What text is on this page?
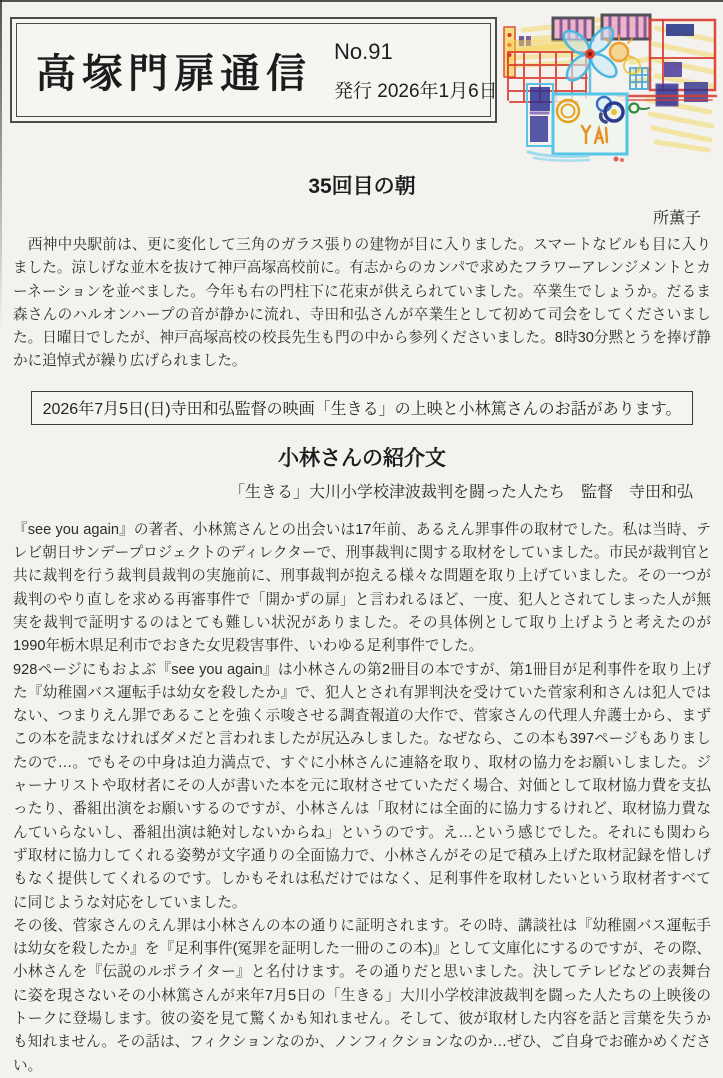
高塚門扉通信 No.91
発行 2026年1月6日
35回目の朝
所薫子

　西神中央駅前は、更に変化して三角のガラス張りの建物が目に入りました。スマートなビルも目に入りました。涼しげな並木を抜けて神戸高塚高校前に。有志からのカンパで求めたフラワーアレンジメントとカーネーションを並べました。今年も右の門柱下に花束が供えられていました。卒業生でしょうか。だるま森さんのハルオンハープの音が静かに流れ、寺田和弘さんが卒業生として初めて司会をしてくださいました。日曜日でしたが、神戸高塚高校の校長先生も門の中から参列くださいました。8時30分黙とうを捧げ静かに追悼式が繰り広げられました。

2026年7月5日(日)寺田和弘監督の映画「生きる」の上映と小林篤さんのお話があります。
小林さんの紹介文
「生きる」大川小学校津波裁判を闘った人たち　監督　寺田和弘

『see you again』の著者、小林篤さんとの出会いは17年前、あるえん罪事件の取材でした。私は当時、テレビ朝日サンデープロジェクトのディレクターで、刑事裁判に関する取材をしていました。市民が裁判官と共に裁判を行う裁判員裁判の実施前に、刑事裁判が抱える様々な問題を取り上げていました。その一つが裁判のやり直しを求める再審事件で「開かずの扉」と言われるほど、一度、犯人とされてしまった人が無実を裁判で証明するのはとても難しい状況がありました。その具体例として取り上げようと考えたのが1990年栃木県足利市でおきた女児殺害事件、いわゆる足利事件でした。

928ページにもおよぶ『see you again』は小林さんの第2冊目の本ですが、第1冊目が足利事件を取り上げた『幼稚園バス運転手は幼女を殺したか』で、犯人とされ有罪判決を受けていた菅家利和さんは犯人ではない、つまりえん罪であることを強く示唆させる調査報道の大作で、菅家さんの代理人弁護士から、まずこの本を読まなければダメだと言われましたが尻込みしました。なぜなら、この本も397ページもありましたので…。でもその中身は迫力満点で、すぐに小林さんに連絡を取り、取材の協力をお願いしました。ジャーナリストや取材者にその人が書いた本を元に取材させていただく場合、対価として取材協力費を支払ったり、番組出演をお願いするのですが、小林さんは「取材には全面的に協力するけれど、取材協力費なんていらないし、番組出演は絶対しないからね」というのです。え…という感じでした。それにも関わらず取材に協力してくれる姿勢が文字通りの全面協力で、小林さんがその足で積み上げた取材記録を惜しげもなく提供してくれるのです。しかもそれは私だけではなく、足利事件を取材したいという取材者すべてに同じような対応をしていました。

その後、菅家さんのえん罪は小林さんの本の通りに証明されます。その時、講談社は『幼稚園バス運転手は幼女を殺したか』を『足利事件(冤罪を証明した一冊のこの本)』として文庫化にするのですが、その際、小林さんを『伝説のルポライター』と名付けます。その通りだと思いました。決してテレビなどの表舞台に姿を現さないその小林篤さんが来年7月5日の「生きる」大川小学校津波裁判を闘った人たちの上映後のトークに登場します。彼の姿を見て驚くかも知れません。そして、彼が取材した内容を話と言葉を失うかも知れません。その話は、フィクションなのか、ノンフィクションなのか…ぜひ、ご自身でお確かめください。
